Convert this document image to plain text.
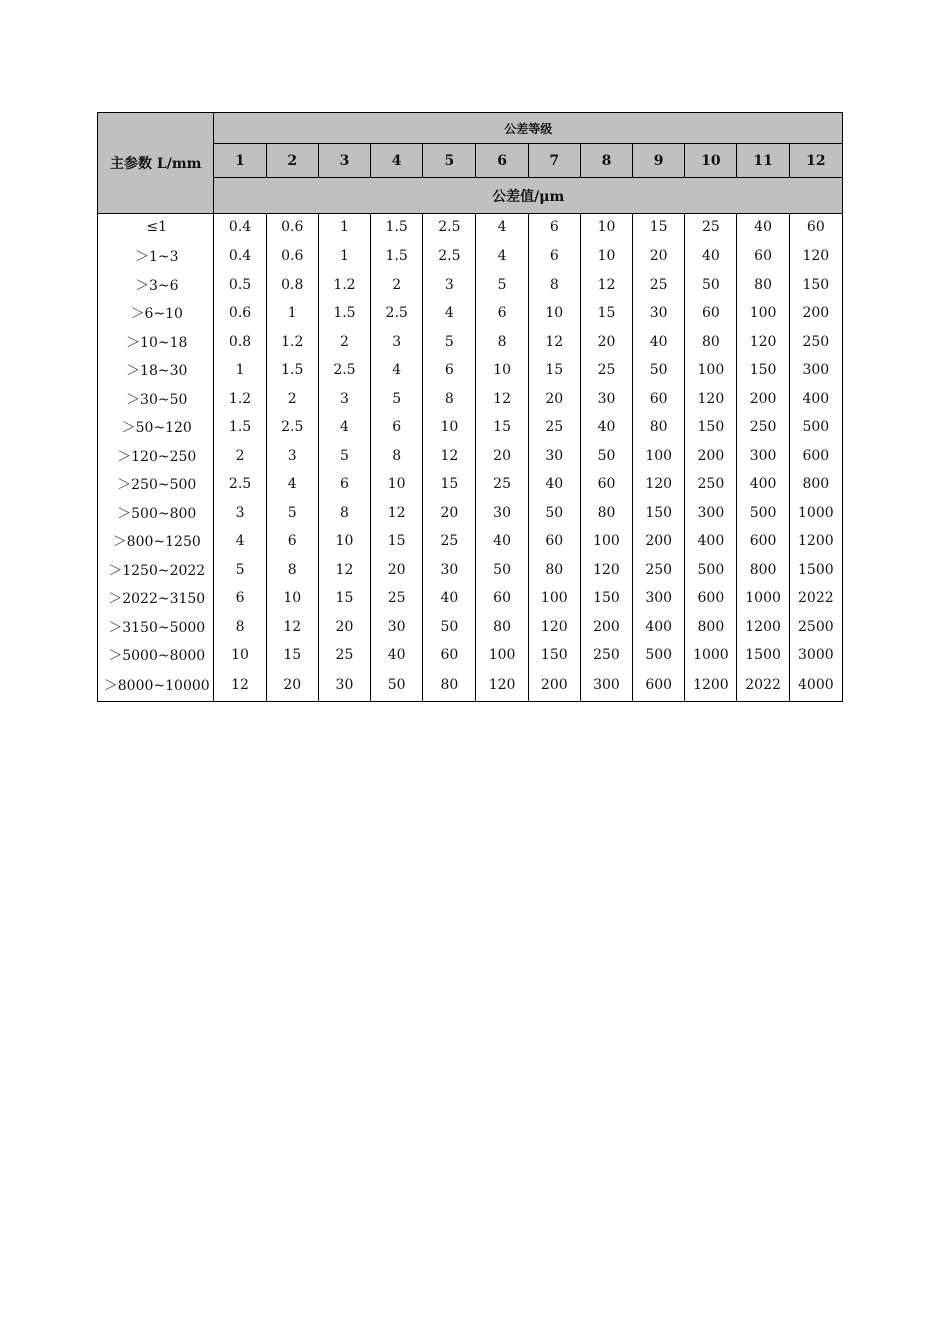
主参数 L/mm	公差等级											
	1	2	3	4	5	6	7	8	9	10	11	12
	公差值/μm											
≤1	0.4	0.6	1	1.5	2.5	4	6	10	15	25	40	60
＞1~3	0.4	0.6	1	1.5	2.5	4	6	10	20	40	60	120
＞3~6	0.5	0.8	1.2	2	3	5	8	12	25	50	80	150
＞6~10	0.6	1	1.5	2.5	4	6	10	15	30	60	100	200
＞10~18	0.8	1.2	2	3	5	8	12	20	40	80	120	250
＞18~30	1	1.5	2.5	4	6	10	15	25	50	100	150	300
＞30~50	1.2	2	3	5	8	12	20	30	60	120	200	400
＞50~120	1.5	2.5	4	6	10	15	25	40	80	150	250	500
＞120~250	2	3	5	8	12	20	30	50	100	200	300	600
＞250~500	2.5	4	6	10	15	25	40	60	120	250	400	800
＞500~800	3	5	8	12	20	30	50	80	150	300	500	1000
＞800~1250	4	6	10	15	25	40	60	100	200	400	600	1200
＞1250~2022	5	8	12	20	30	50	80	120	250	500	800	1500
＞2022~3150	6	10	15	25	40	60	100	150	300	600	1000	2022
＞3150~5000	8	12	20	30	50	80	120	200	400	800	1200	2500
＞5000~8000	10	15	25	40	60	100	150	250	500	1000	1500	3000
＞8000~10000	12	20	30	50	80	120	200	300	600	1200	2022	4000
